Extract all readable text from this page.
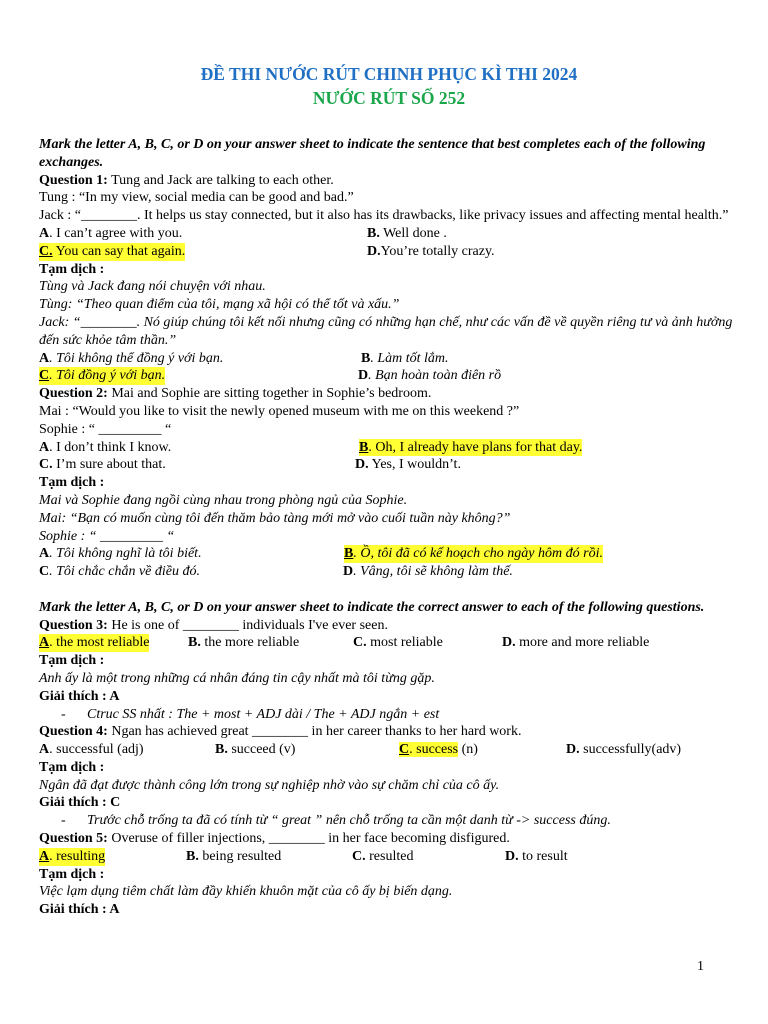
ĐỀ THI NƯỚC RÚT CHINH PHỤC KÌ THI 2024
NƯỚC RÚT SỐ 252
Mark the letter A, B, C, or D on your answer sheet to indicate the sentence that best completes each of the following exchanges.
Question 1: Tung and Jack are talking to each other.
Tung : “In my view, social media can be good and bad.”
Jack : “________. It helps us stay connected, but it also has its drawbacks, like privacy issues and affecting mental health.”
A. I can’t agree with you.	B. Well done .
C. You can say that again.	D.You’re totally crazy.
Tạm dịch :
Tùng và Jack đang nói chuyện với nhau.
Tùng: “Theo quan điểm của tôi, mạng xã hội có thể tốt và xấu.”
Jack: “________. Nó giúp chúng tôi kết nối nhưng cũng có những hạn chế, như các vấn đề về quyền riêng tư và ảnh hưởng đến sức khỏe tâm thần.”
A. Tôi không thể đồng ý với bạn.	B. Làm tốt lắm.
C. Tôi đồng ý với bạn.	D. Bạn hoàn toàn điên rồ
Question 2: Mai and Sophie are sitting together in Sophie’s bedroom.
Mai : “Would you like to visit the newly opened museum with me on this weekend ?”
Sophie : “ _________ “
A. I don’t think I know.	B. Oh, I already have plans for that day.
C. I’m sure about that.	D. Yes, I wouldn’t.
Tạm dịch :
Mai và Sophie đang ngồi cùng nhau trong phòng ngủ của Sophie.
Mai: “Bạn có muốn cùng tôi đến thăm bảo tàng mới mở vào cuối tuần này không?”
Sophie : “ _________ “
A. Tôi không nghĩ là tôi biết.	B. Ồ, tôi đã có kế hoạch cho ngày hôm đó rồi.
C. Tôi chắc chắn về điều đó.	D. Vâng, tôi sẽ không làm thế.
Mark the letter A, B, C, or D on your answer sheet to indicate the correct answer to each of the following questions.
Question 3: He is one of ________ individuals I've ever seen.
A. the most reliable	B. the more reliable	C. most reliable	D. more and more reliable
Tạm dịch :
Anh ấy là một trong những cá nhân đáng tin cậy nhất mà tôi từng gặp.
Giải thích : A
- Ctruc SS nhất : The + most + ADJ dài / The + ADJ ngắn + est
Question 4: Ngan has achieved great ________ in her career thanks to her hard work.
A. successful (adj)	B. succeed (v)	C. success (n)	D. successfully(adv)
Tạm dịch :
Ngân đã đạt được thành công lớn trong sự nghiệp nhờ vào sự chăm chỉ của cô ấy.
Giải thích : C
- Trước chỗ trống ta đã có tính từ “ great ” nên chỗ trống ta cần một danh từ -> success đúng.
Question 5: Overuse of filler injections, ________ in her face becoming disfigured.
A. resulting	B. being resulted	C. resulted	D. to result
Tạm dịch :
Việc lạm dụng tiêm chất làm đầy khiến khuôn mặt của cô ấy bị biến dạng.
Giải thích : A
1
